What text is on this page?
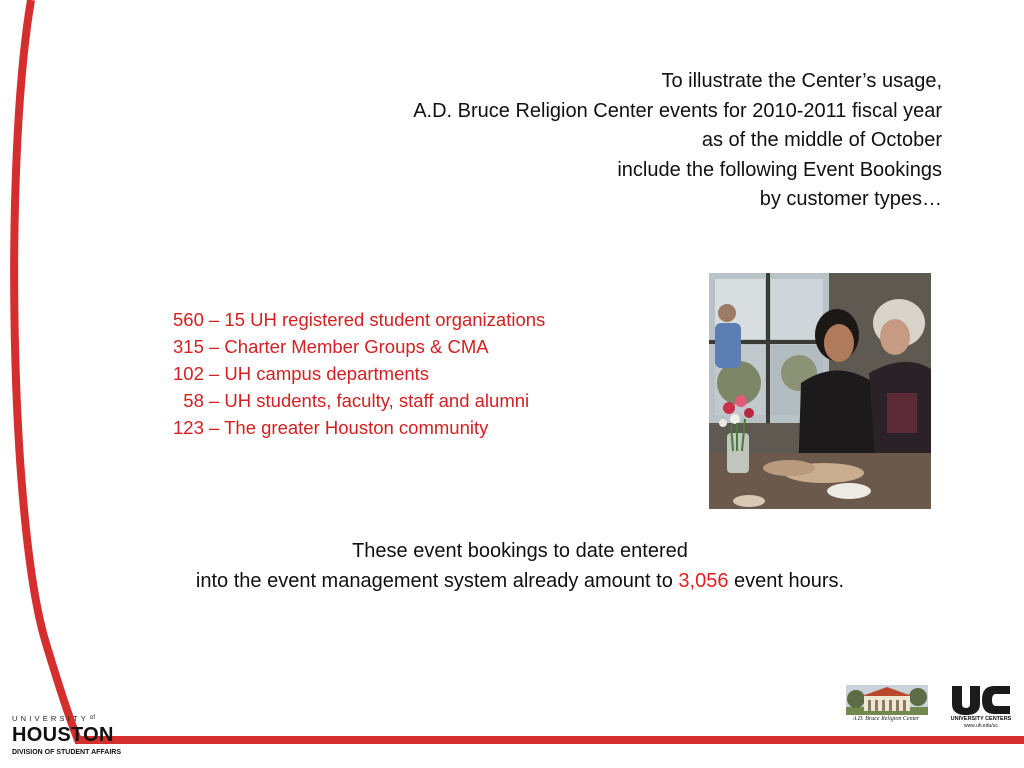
To illustrate the Center’s usage,
A.D. Bruce Religion Center events for 2010-2011 fiscal year
as of the middle of October
include the following Event Bookings
by customer types…
560 – 15 UH registered student organizations
315 – Charter Member Groups & CMA
102 – UH campus departments
58 – UH students, faculty, staff and alumni
123 – The greater Houston community
These event bookings to date entered
into the event management system already amount to 3,056 event hours.
$UNIVERSITY^{of}$
HOUSTON
DIVISION OF STUDENT AFFAIRS
A.D. Bruce Religion Center	UNIVERSITY CENTERS
www.uh.edu/uc
